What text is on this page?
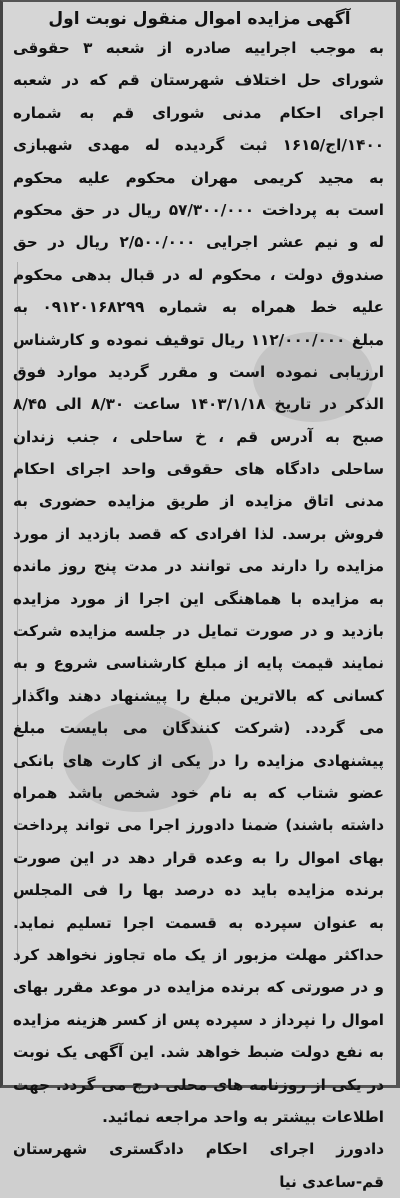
آگهی مزایده اموال منقول نوبت اول
به موجب اجراییه صادره از شعبه ۳ حقوقی
شورای حل اختلاف شهرستان قم که در شعبه
اجرای احکام مدنی شورای قم به شماره
۱۴۰۰/اج/۱۶۱۵ ثبت گردیده له مهدی شهبازی
به مجید کریمی مهران محکوم علیه محکوم
است به پرداخت ۵۷/۳۰۰/۰۰۰ ریال در حق محکوم
له و نیم عشر اجرایی ۲/۵۰۰/۰۰۰ ریال در حق
صندوق دولت ، محکوم له در قبال بدهی محکوم
علیه خط همراه به شماره ۰۹۱۲۰۱۶۸۲۹۹ به
مبلغ ۱۱۲/۰۰۰/۰۰۰ ریال توقیف نموده و کارشناس
ارزیابی نموده است و مقرر گردید موارد فوق
الذکر در تاریخ ۱۴۰۳/۱/۱۸ ساعت ۸/۳۰ الی ۸/۴۵
صبح به آدرس قم ، خ ساحلی ، جنب زندان
ساحلی دادگاه های حقوقی واحد اجرای احکام
مدنی اتاق مزایده از طریق مزایده حضوری به
فروش برسد. لذا افرادی که قصد بازدید از مورد
مزایده را دارند می توانند در مدت پنج روز مانده
به مزایده با هماهنگی این اجرا از مورد مزایده
بازدید و در صورت تمایل در جلسه مزایده شرکت
نمایند قیمت پایه از مبلغ کارشناسی شروع و به
کسانی که بالاترین مبلغ را پیشنهاد دهند واگذار
می گردد. (شرکت کنندگان می بایست مبلغ
پیشنهادی مزایده را در یکی از کارت های بانکی
عضو شتاب که به نام خود شخص باشد همراه
داشته باشند) ضمنا دادورز اجرا می تواند پرداخت
بهای اموال را به وعده قرار دهد در این صورت
برنده مزایده باید ده درصد بها را فی المجلس
به عنوان سپرده به قسمت اجرا تسلیم نماید.
حداکثر مهلت مزبور از یک ماه تجاوز نخواهد کرد
و در صورتی که برنده مزایده در موعد مقرر بهای
اموال را نپرداز د سپرده پس از کسر هزینه مزایده
به نفع دولت ضبط خواهد شد. این آگهی یک نوبت
در یکی از روزنامه های محلی درج می گردد. جهت
اطلاعات بیشتر به واحد مراجعه نمائید.
دادورز اجرای احکام دادگستری شهرستان
قم-ساعدی نیا
